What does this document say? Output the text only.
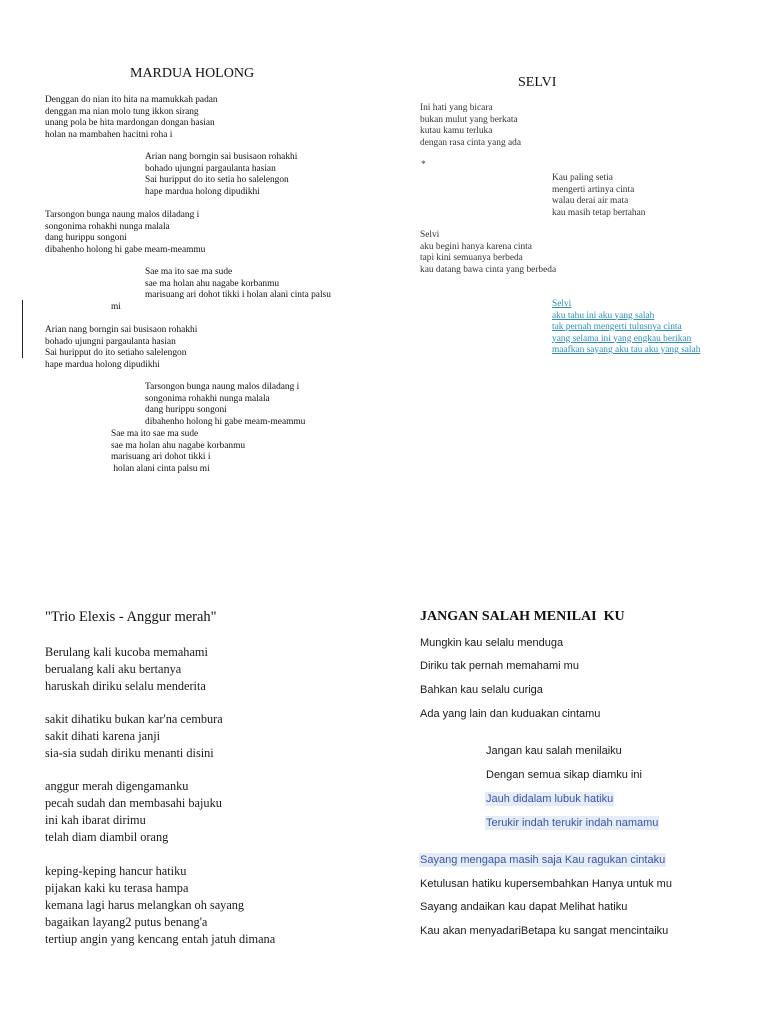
MARDUA HOLONG
Denggan do nian ito hita na mamukkah padan
denggan ma nian molo tung ikkon sirang
unang pola be hita mardongan dongan hasian
holan na mambahen hacitni roha i
Arian nang borngin sai busisaon rohakhi
bohado ujungni pargaulanta hasian
Sai huripput do ito setia ho salelengon
hape mardua holong dipudikhi
Tarsongon bunga naung malos diladang i
songonima rohakhi nunga malala
dang hurippu songoni
dibahenho holong hi gabe meam-meammu
Sae ma ito sae ma sude
sae ma holan ahu nagabe korbanmu
marisuang ari dohot tikki i holan alani cinta palsu
mi
Arian nang borngin sai busisaon rohakhi
bohado ujungni pargaulanta hasian
Sai huripput do ito setiaho salelengon
hape mardua holong dipudikhi
Tarsongon bunga naung malos diladang i
songonima rohakhi nunga malala
dang hurippu songoni
dibahenho holong hi gabe meam-meammu
Sae ma ito sae ma sude
sae ma holan ahu nagabe korbanmu
marisuang ari dohot tikki i
holan alani cinta palsu mi
SELVI
Ini hati yang bicara
bukan mulut yang berkata
kutau kamu terluka
dengan rasa cinta yang ada
*
Kau paling setia
mengerti artinya cinta
walau derai air mata
kau masih tetap bertahan
Selvi
aku begini hanya karena cinta
tapi kini semuanya berbeda
kau datang bawa cinta yang berbeda
Selvi
aku tahu ini aku yang salah
tak pernah mengerti tulusnya cinta
yang selama ini yang engkau berikan
maafkan sayang aku tau aku yang salah
"Trio Elexis - Anggur merah"
Berulang kali kucoba memahami
berualang kali aku bertanya
haruskah diriku selalu menderita
sakit dihatiku bukan kar'na cembura
sakit dihati karena janji
sia-sia sudah diriku menanti disini
anggur merah digengamanku
pecah sudah dan membasahi bajuku
ini kah ibarat dirimu
telah diam diambil orang
keping-keping hancur hatiku
pijakan kaki ku terasa hampa
kemana lagi harus melangkan oh sayang
bagaikan layang2 putus benang'a
tertiup angin yang kencang entah jatuh dimana
JANGAN SALAH MENILAI  KU
Mungkin kau selalu menduga
Diriku tak pernah memahami mu
Bahkan kau selalu curiga
Ada yang lain dan kuduakan cintamu
Jangan kau salah menilaiku
Dengan semua sikap diamku ini
Jauh didalam lubuk hatiku
Terukir indah terukir indah namamu
Sayang mengapa masih saja Kau ragukan cintaku
Ketulusan hatiku kupersembahkan Hanya untuk mu
Sayang andaikan kau dapat Melihat hatiku
Kau akan menyadariBetapa ku sangat mencintaiku
